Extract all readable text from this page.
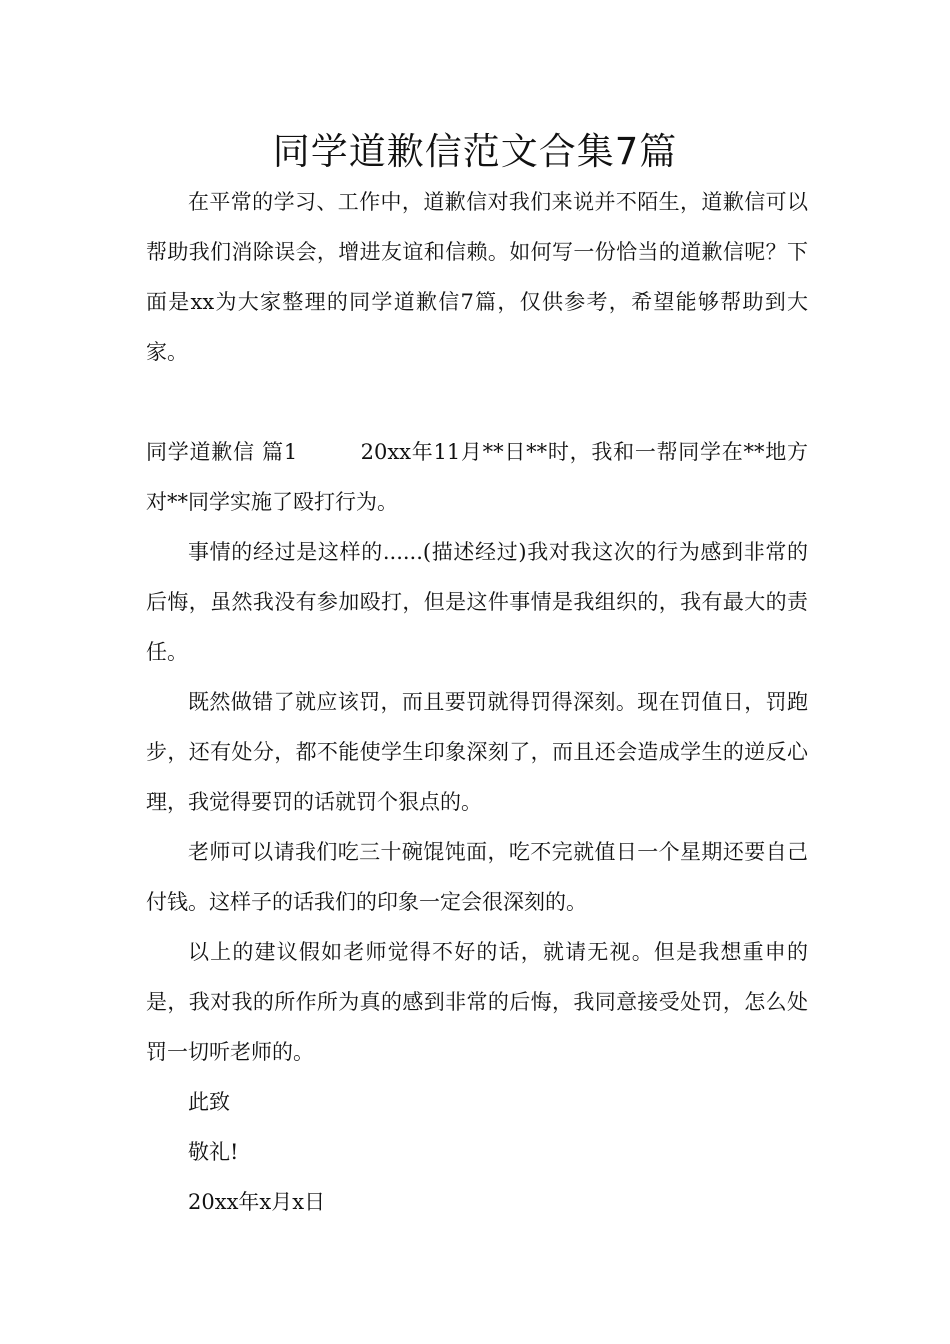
同学道歉信范文合集7篇

在平常的学习、工作中，道歉信对我们来说并不陌生，道歉信可以帮助我们消除误会，增进友谊和信赖。如何写一份恰当的道歉信呢？下面是xx为大家整理的同学道歉信7篇，仅供参考，希望能够帮助到大家。

同学道歉信 篇1	20xx年11月**日**时，我和一帮同学在**地方对**同学实施了殴打行为。

事情的经过是这样的......(描述经过)我对我这次的行为感到非常的后悔，虽然我没有参加殴打，但是这件事情是我组织的，我有最大的责任。

既然做错了就应该罚，而且要罚就得罚得深刻。现在罚值日，罚跑步，还有处分，都不能使学生印象深刻了，而且还会造成学生的逆反心理，我觉得要罚的话就罚个狠点的。

老师可以请我们吃三十碗馄饨面，吃不完就值日一个星期还要自己付钱。这样子的话我们的印象一定会很深刻的。

以上的建议假如老师觉得不好的话，就请无视。但是我想重申的是，我对我的所作所为真的感到非常的后悔，我同意接受处罚，怎么处罚一切听老师的。

此致

敬礼!

20xx年x月x日
